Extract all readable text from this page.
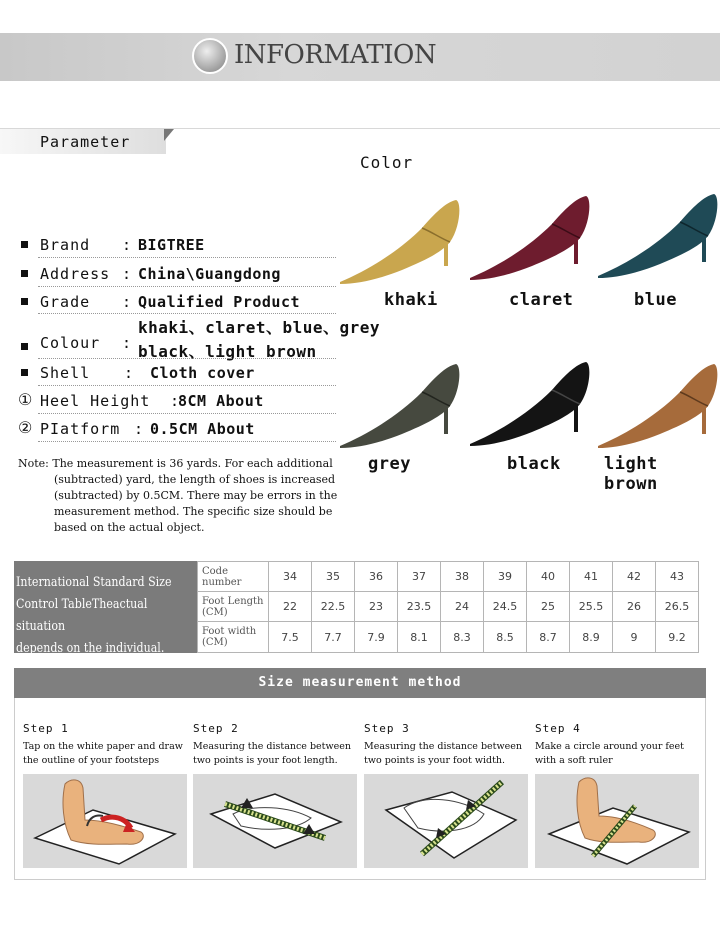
INFORMATION
Parameter
Color
Brand : BIGTREE
Address : China\Guangdong
Grade : Qualified Product
khaki、claret、blue、grey
Colour : black、light brown
Shell : Cloth cover
① Heel Height :
8CM About
② PIatform : 0.5CM About
Note: The measurement is 36 yards. For each additional
(subtracted) yard, the length of shoes is increased
(subtracted) by 0.5CM. There may be errors in the
measurement method. The specific size should be
based on the actual object.
khaki	claret	blue
grey	black	light brown
International Standard Size
Control TableTheactual situation
depends on the individual.
Code number	34	35	36	37	38	39	40	41	42	43
Foot Length (CM)	22	22.5	23	23.5	24	24.5	25	25.5	26	26.5
Foot width (CM)	7.5	7.7	7.9	8.1	8.3	8.5	8.7	8.9	9	9.2
Size measurement method
Step 1
Tap on the white paper and draw the outline of your footsteps
Step 2
Measuring the distance between two points is your foot length.
Step 3
Measuring the distance between two points is your foot width.
Step 4
Make a circle around your feet with a soft ruler
